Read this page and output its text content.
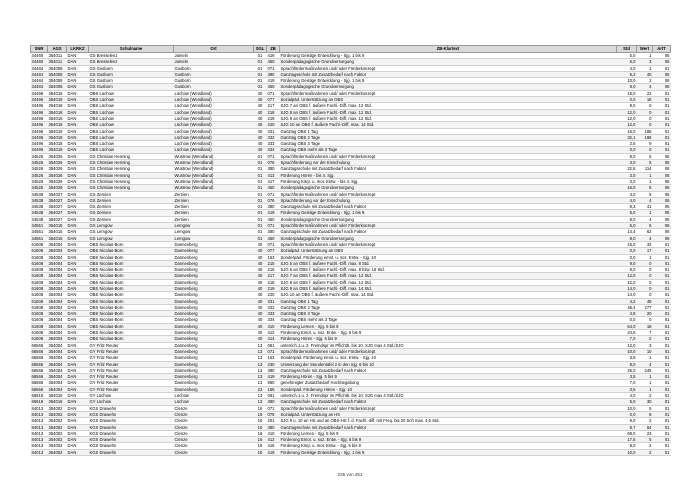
SNR	AGS	LKRKZ	Schulname	Ort	SGL	ZB	ZB-Klartext	Std	Wert	ArtT
34460	354011	DAN	GS Bresselenz	Jameln	01	419	Förderung Geistige Entwicklung - Sjg. 1 bis 9	5,0	1	06
34460	354011	DAN	GS Bresselenz	Jameln	01	450	Sonderpädagogische Grundversorgung	6,0	3	06
34484	354008	DAN	GS Gusborn	Gusborn	01	071	Sprachfördermaßnahmen und/ oder Förderkonzept	4,0	1	01
34484	354008	DAN	GS Gusborn	Gusborn	01	380	Ganztagsschule mit Zusatzbedarf nach Faktor	6,2	40	06
34484	354008	DAN	GS Gusborn	Gusborn	01	419	Förderung Geistige Entwicklung - Sjg. 1 bis 9	10,0	2	06
34484	354008	DAN	GS Gusborn	Gusborn	01	450	Sonderpädagogische Grundversorgung	8,0	4	06
34496	354018	DAN	OBS Lüchow	Lüchow (Wendland)	40	071	Sprachfördermaßnahmen und/ oder Förderkonzept	15,0	22	01
34496	354018	DAN	OBS Lüchow	Lüchow (Wendland)	40	077	Sozialpäd. Unterstützung an OBS	0,0	18	01
34496	354018	DAN	OBS Lüchow	Lüchow (Wendland)	40	217	SJG 7 an OBS f. äußere Fachl.-Diff. max. 12 Std.	8,0	0	01
34496	354018	DAN	OBS Lüchow	Lüchow (Wendland)	40	218	SJG 8 an OBS f. äußere Fachl.-Diff. max. 12 Std.	12,0	0	01
34496	354018	DAN	OBS Lüchow	Lüchow (Wendland)	40	219	SJG 9 an OBS f. äußere Fachl.-Diff. max. 12 Std.	12,0	0	01
34496	354018	DAN	OBS Lüchow	Lüchow (Wendland)	40	220	SJG 10 an OBS f. äußere Fachl.-Diff. max. 14 Std.	12,0	0	01
34496	354018	DAN	OBS Lüchow	Lüchow (Wendland)	40	331	Ganztag OBS 1 Tag	16,0	186	01
34496	354018	DAN	OBS Lüchow	Lüchow (Wendland)	40	332	Ganztag OBS 2 Tage	32,1	186	01
34496	354018	DAN	OBS Lüchow	Lüchow (Wendland)	40	333	Ganztag OBS 3 Tage	2,5	9	01
34496	354018	DAN	OBS Lüchow	Lüchow (Wendland)	40	334	Ganztag OBS mehr als 3 Tage	0,0	0	01
34526	354026	DAN	GS Christian Henning	Wustrow (Wendland)	01	071	Sprachfördermaßnahmen und/ oder Förderkonzept	8,0	5	06
34526	354026	DAN	GS Christian Henning	Wustrow (Wendland)	01	076	Sprachförderung vor der Einschulung	3,0	5	06
34526	354026	DAN	GS Christian Henning	Wustrow (Wendland)	01	380	Ganztagsschule mit Zusatzbedarf nach Faktor	22,6	114	06
34526	354026	DAN	GS Christian Henning	Wustrow (Wendland)	01	413	Förderung Hören - bis 4. Sjg.	3,0	1	06
34526	354026	DAN	GS Christian Henning	Wustrow (Wendland)	01	417	Förderung Körp. u. mot. Entw. - bis 4. Sjg.	3,0	1	06
34526	354026	DAN	GS Christian Henning	Wustrow (Wendland)	01	450	Sonderpädagogische Grundversorgung	16,0	8	06
34538	354027	DAN	GS Zernien	Zernien	01	071	Sprachfördermaßnahmen und/ oder Förderkonzept	3,0	5	06
34538	354027	DAN	GS Zernien	Zernien	01	076	Sprachförderung vor der Einschulung	4,0	4	06
34538	354027	DAN	GS Zernien	Zernien	01	380	Ganztagsschule mit Zusatzbedarf nach Faktor	8,3	41	06
34538	354027	DAN	GS Zernien	Zernien	01	419	Förderung Geistige Entwicklung - Sjg. 1 bis 9	5,0	1	06
34538	354027	DAN	GS Zernien	Zernien	01	450	Sonderpädagogische Grundversorgung	8,0	4	06
34551	354015	DAN	GS Lemgow	Lemgow	01	071	Sprachfördermaßnahmen und/ oder Förderkonzept	5,0	6	06
34551	354015	DAN	GS Lemgow	Lemgow	01	380	Ganztagsschule mit Zusatzbedarf nach Faktor	14,4	62	06
34551	354015	DAN	GS Lemgow	Lemgow	01	450	Sonderpädagogische Grundversorgung	8,0	4	06
61608	354004	DAN	OBS Nicolas-Born	Dannenberg	40	071	Sprachfördermaßnahmen und/ oder Förderkonzept	15,0	32	01
61608	354004	DAN	OBS Nicolas-Born	Dannenberg	40	077	Sozialpäd. Unterstützung an OBS	0,0	17	01
61608	354004	DAN	OBS Nicolas-Born	Dannenberg	40	153	Sonderpäd. Förderung emot. u. soz. Entw. - Sjg. 10	0,0	1	01
61608	354004	DAN	OBS Nicolas-Born	Dannenberg	40	215	SJG 5 an OBS f. äußere Fachl.-Diff. max. 8 Std.	9,0	0	01
61608	354004	DAN	OBS Nicolas-Born	Dannenberg	40	216	SJG 6 an OBS f. äußere Fachl.-Diff. max. 8 bzw. 16 Std.	8,0	0	01
61608	354004	DAN	OBS Nicolas-Born	Dannenberg	40	217	SJG 7 an OBS f. äußere Fachl.-Diff. max. 12 Std.	12,0	0	01
61608	354004	DAN	OBS Nicolas-Born	Dannenberg	40	218	SJG 8 an OBS f. äußere Fachl.-Diff. max. 12 Std.	12,0	0	01
61608	354004	DAN	OBS Nicolas-Born	Dannenberg	40	219	SJG 9 an OBS f. äußere Fachl.-Diff. max. 14 Std.	14,0	0	01
61608	354004	DAN	OBS Nicolas-Born	Dannenberg	40	220	SJG 10 an OBS f. äußere Fachl.-Diff. max. 14 Std.	14,0	0	01
61608	354004	DAN	OBS Nicolas-Born	Dannenberg	40	331	Ganztag OBS 1 Tag	4,2	48	01
61608	354004	DAN	OBS Nicolas-Born	Dannenberg	40	332	Ganztag OBS 2 Tage	46,4	277	01
61608	354004	DAN	OBS Nicolas-Born	Dannenberg	40	333	Ganztag OBS 3 Tage	4,8	20	01
61608	354004	DAN	OBS Nicolas-Born	Dannenberg	40	334	Ganztag OBS mehr als 3 Tage	0,0	0	01
61608	354004	DAN	OBS Nicolas-Born	Dannenberg	40	410	Förderung Lernen - Sjg. 5 bis 9	54,0	18	01
61608	354004	DAN	OBS Nicolas-Born	Dannenberg	40	412	Förderung Emot. u. soz. Entw. - Sjg. 5 bis 9	24,5	7	01
61608	354004	DAN	OBS Nicolas-Born	Dannenberg	40	414	Förderung Hören - Sjg. 5 bis 9	7,0	2	01
66566	354004	DAN	GY Fritz Reuter	Dannenberg	13	061	unterrich.1.u. 2. Fremdspr im Pflichtb. bis 10. SJG max 4 Std./SJG	12,0	3	01
66566	354004	DAN	GY Fritz Reuter	Dannenberg	13	071	Sprachfördermaßnahmen und/ oder Förderkonzept	10,0	10	01
66566	354004	DAN	GY Fritz Reuter	Dannenberg	13	153	Sonderpäd. Förderung emot. u. soz. Entw. - Sjg. 10	3,5	1	01
66566	354004	DAN	GY Fritz Reuter	Dannenberg	13	230	Umsetzung der Stundentafel 2 in den Sjg. 8 bis 10	8,0	4	01
66566	354004	DAN	GY Fritz Reuter	Dannenberg	13	380	Ganztagsschule mit Zusatzbedarf nach Faktor	25,0	245	01
66566	354004	DAN	GY Fritz Reuter	Dannenberg	13	419	Förderung Hören - Sjg. 5 bis 9	3,5	1	01
66566	354004	DAN	GY Fritz Reuter	Dannenberg	13	950	genehmigter Zusatzbedarf Hochbegabung	7,0	1	01
66566	354004	DAN	GY Fritz Reuter	Dannenberg	23	155	Sonderpäd. Förderung Hören - Sjg. 10	3,5	1	01
66618	354016	DAN	GY Lüchow	Lüchow	13	061	unterrich.1.u. 2. Fremdspr im Pflichtb. bis 10. SJG max 4 Std./SJG	4,0	2	01
66618	354016	DAN	GY Lüchow	Lüchow	13	380	Ganztagsschule mit Zusatzbedarf nach Faktor	5,0	30	01
84013	354002	DAN	KGS Drawehn	Clenze	16	071	Sprachfördermaßnahmen und/ oder Förderkonzept	10,0	5	01
84013	354002	DAN	KGS Drawehn	Clenze	16	079	Sozialpäd. Unterstützung an HS	0,0	8	01
84013	354002	DAN	KGS Drawehn	Clenze	16	201	SJG 9 u. 10 an HS und an OBS-HS f. d. Fachl.-diff. mit Freq. bis 20 Sch max. 4,5 Std.	9,0	2	01
84013	354002	DAN	KGS Drawehn	Clenze	16	380	Ganztagsschule mit Zusatzbedarf nach Faktor	8,7	64	01
84013	354002	DAN	KGS Drawehn	Clenze	16	410	Förderung Lernen - Sjg. 5 bis 9	69,0	23	01
84013	354002	DAN	KGS Drawehn	Clenze	16	412	Förderung Emot. u. soz. Entw. - Sjg. 5 bis 9	17,5	5	01
84013	354002	DAN	KGS Drawehn	Clenze	16	416	Förderung Körp. u. mot. Entw. - Sjg. 5 bis 9	8,0	2	01
84013	354002	DAN	KGS Drawehn	Clenze	16	419	Förderung Geistige Entwicklung - Sjg. 1 bis 9	10,0	2	01
235 von 451
